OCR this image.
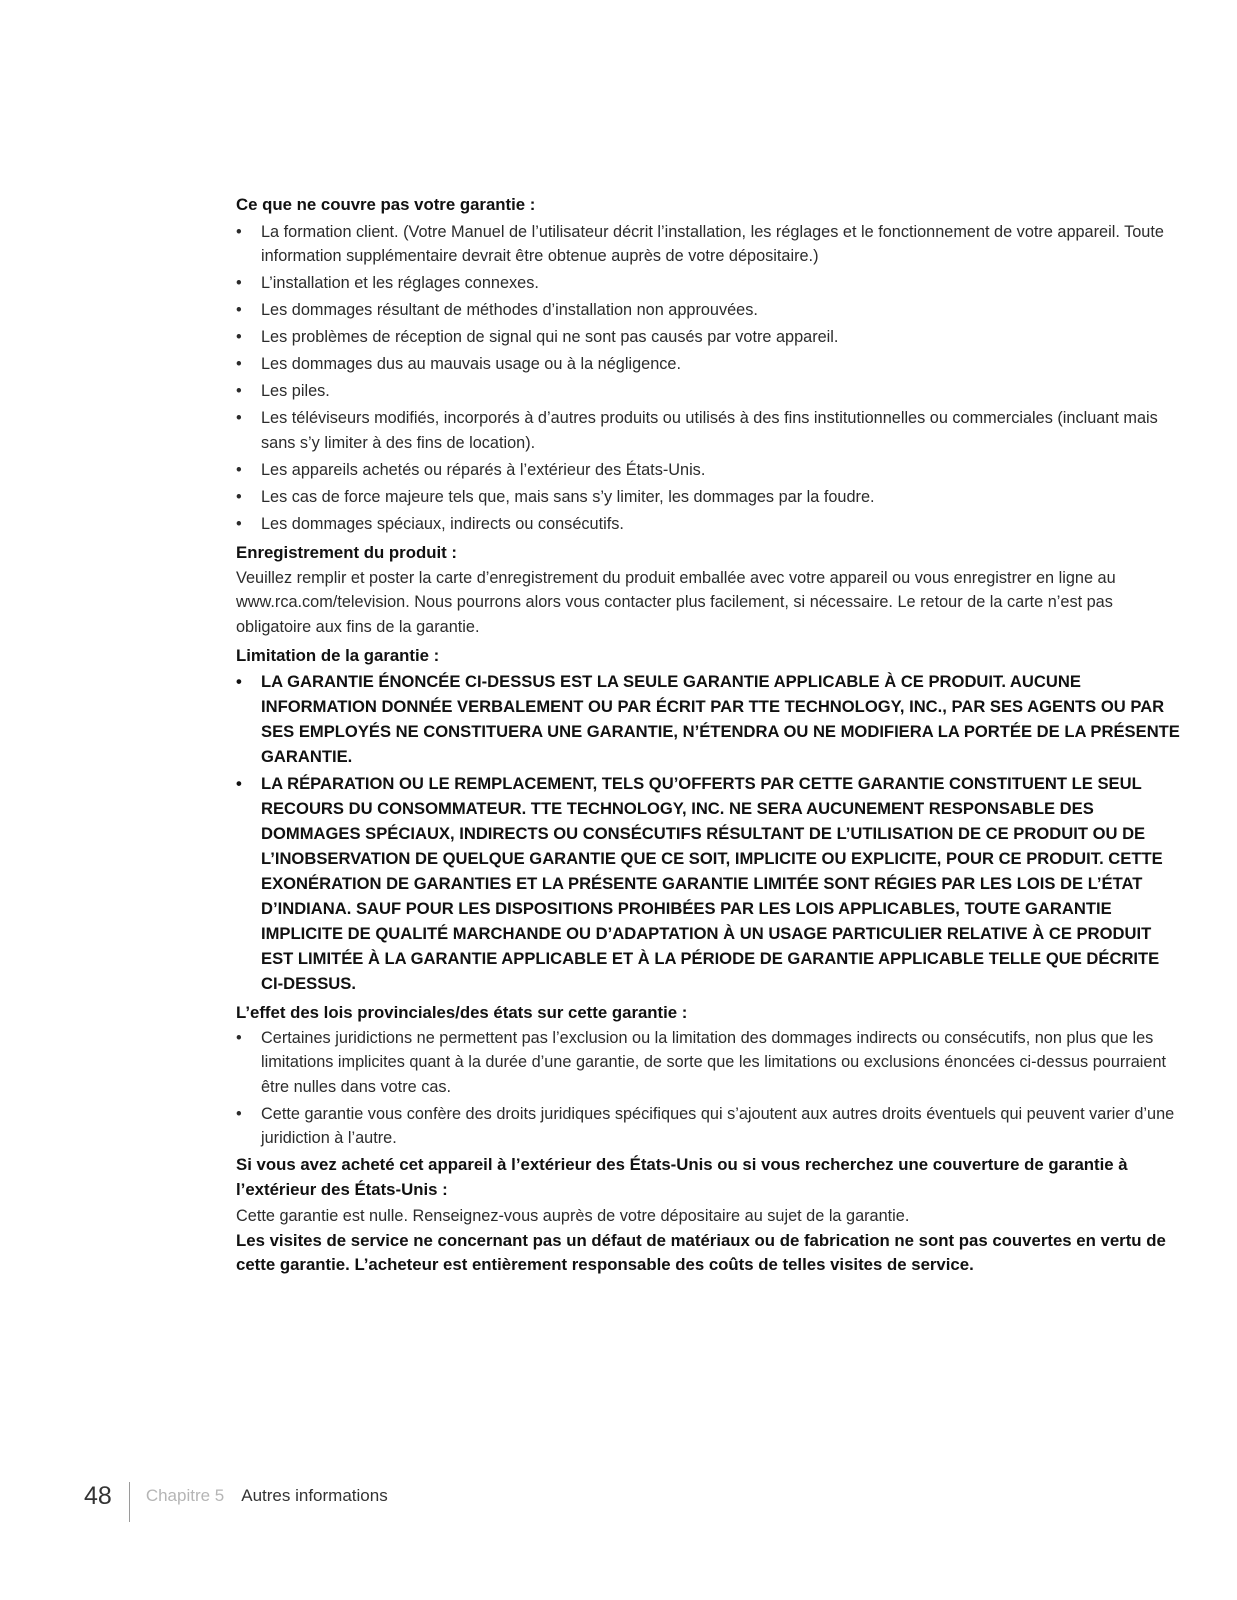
Ce que ne couvre pas votre garantie :

• La formation client. (Votre Manuel de l’utilisateur décrit l’installation, les réglages et le fonctionnement de votre appareil. Toute information supplémentaire devrait être obtenue auprès de votre dépositaire.)
• L’installation et les réglages connexes.
• Les dommages résultant de méthodes d’installation non approuvées.
• Les problèmes de réception de signal qui ne sont pas causés par votre appareil.
• Les dommages dus au mauvais usage ou à la négligence.
• Les piles.
• Les téléviseurs modifiés, incorporés à d’autres produits ou utilisés à des fins institutionnelles ou commerciales (incluant mais sans s’y limiter à des fins de location).
• Les appareils achetés ou réparés à l’extérieur des États-Unis.
• Les cas de force majeure tels que, mais sans s’y limiter, les dommages par la foudre.
• Les dommages spéciaux, indirects ou consécutifs.

Enregistrement du produit :

Veuillez remplir et poster la carte d’enregistrement du produit emballée avec votre appareil ou vous enregistrer en ligne au www.rca.com/television. Nous pourrons alors vous contacter plus facilement, si nécessaire. Le retour de la carte n’est pas obligatoire aux fins de la garantie.

Limitation de la garantie :

• LA GARANTIE ÉNONCÉE CI-DESSUS EST LA SEULE GARANTIE APPLICABLE À CE PRODUIT. AUCUNE INFORMATION DONNÉE VERBALEMENT OU PAR ÉCRIT PAR TTE TECHNOLOGY, INC., PAR SES AGENTS OU PAR SES EMPLOYÉS NE CONSTITUERA UNE GARANTIE, N’ÉTENDRA OU NE MODIFIERA LA PORTÉE DE LA PRÉSENTE GARANTIE.
• LA RÉPARATION OU LE REMPLACEMENT, TELS QU’OFFERTS PAR CETTE GARANTIE CONSTITUENT LE SEUL RECOURS DU CONSOMMATEUR. TTE TECHNOLOGY, INC. NE SERA AUCUNEMENT RESPONSABLE DES DOMMAGES SPÉCIAUX, INDIRECTS OU CONSÉCUTIFS RÉSULTANT DE L’UTILISATION DE CE PRODUIT OU DE L’INOBSERVATION DE QUELQUE GARANTIE QUE CE SOIT, IMPLICITE OU EXPLICITE, POUR CE PRODUIT. CETTE EXONÉRATION DE GARANTIES ET LA PRÉSENTE GARANTIE LIMITÉE SONT RÉGIES PAR LES LOIS DE L’ÉTAT D’INDIANA. SAUF POUR LES DISPOSITIONS PROHIBÉES PAR LES LOIS APPLICABLES, TOUTE GARANTIE IMPLICITE DE QUALITÉ MARCHANDE OU D’ADAPTATION À UN USAGE PARTICULIER RELATIVE À CE PRODUIT EST LIMITÉE À LA GARANTIE APPLICABLE ET À LA PÉRIODE DE GARANTIE APPLICABLE TELLE QUE DÉCRITE CI-DESSUS.

L’effet des lois provinciales/des états sur cette garantie :

• Certaines juridictions ne permettent pas l’exclusion ou la limitation des dommages indirects ou consécutifs, non plus que les limitations implicites quant à la durée d’une garantie, de sorte que les limitations ou exclusions énoncées ci-dessus pourraient être nulles dans votre cas.
• Cette garantie vous confère des droits juridiques spécifiques qui s’ajoutent aux autres droits éventuels qui peuvent varier d’une juridiction à l’autre.

Si vous avez acheté cet appareil à l’extérieur des États-Unis ou si vous recherchez une couverture de garantie à l’extérieur des États-Unis :

Cette garantie est nulle. Renseignez-vous auprès de votre dépositaire au sujet de la garantie.

Les visites de service ne concernant pas un défaut de matériaux ou de fabrication ne sont pas couvertes en vertu de cette garantie. L’acheteur est entièrement responsable des coûts de telles visites de service.

48 Chapitre 5 Autres informations
